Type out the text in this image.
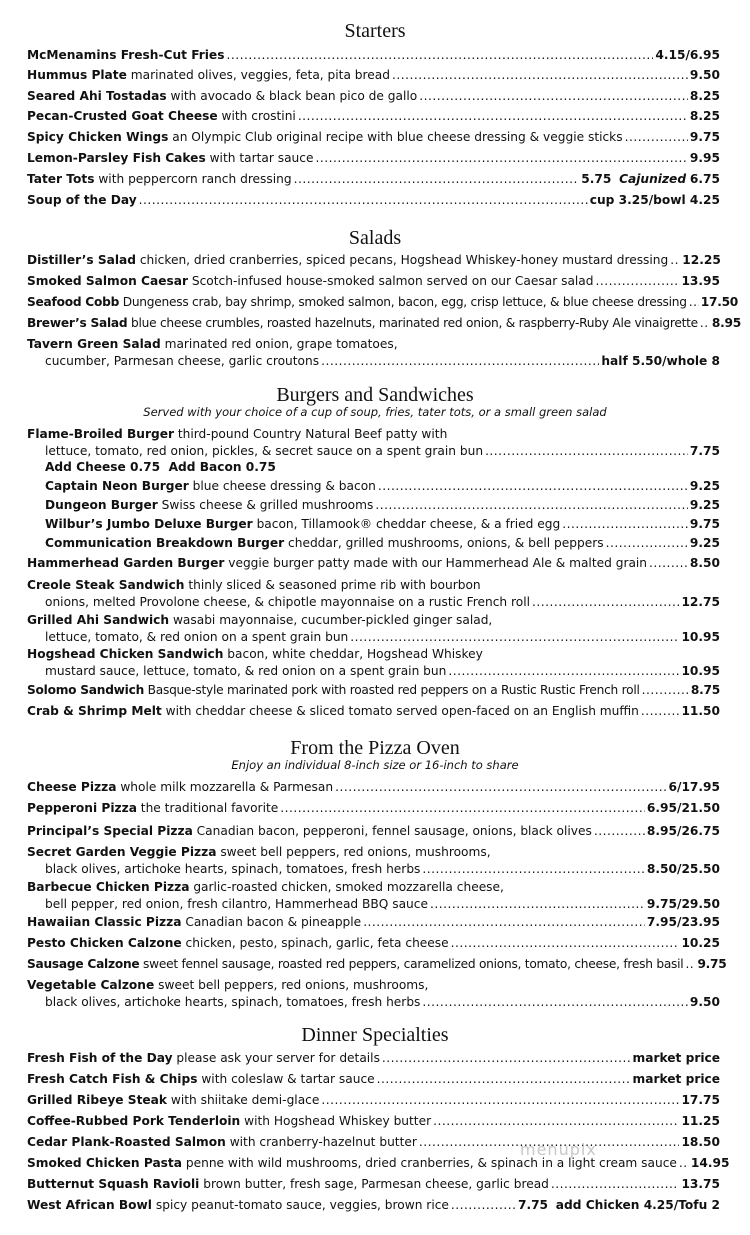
Starters
McMenamins Fresh-Cut Fries .....	4.15/6.95
Hummus Plate
marinated olives, veggies, feta, pita bread .....	9.50
Seared Ahi Tostadas
with avocado & black bean pico de gallo .....	8.25
Pecan-Crusted Goat Cheese
with crostini .....	8.25
Spicy Chicken Wings
an Olympic Club original recipe with blue cheese dressing & veggie sticks .....	9.75
Lemon-Parsley Fish Cakes
with tartar sauce .....	9.95
Tater Tots
with peppercorn ranch dressing .....	5.75
Cajunized
6.75
Soup of the Day .....	cup 3.25/bowl 4.25
Salads
Distiller’s Salad
chicken, dried cranberries, spiced pecans, Hogshead Whiskey-honey mustard dressing ..... 12.25
Smoked Salmon Caesar
Scotch-infused house-smoked salmon served on our Caesar salad .....	13.95
Seafood Cobb
Dungeness crab, bay shrimp, smoked salmon, bacon, egg, crisp lettuce, & blue cheese dressing ..... 17.50
Brewer’s Salad
blue cheese crumbles, roasted hazelnuts, marinated red onion, & raspberry-Ruby Ale vinaigrette ..... 8.95
Tavern Green Salad
marinated red onion, grape tomatoes,
cucumber, Parmesan cheese, garlic croutons .....	half 5.50/whole 8
Burgers and Sandwiches
Served with your choice of a cup of soup, fries, tater tots, or a small green salad
Flame-Broiled Burger
third-pound Country Natural Beef patty with
lettuce, tomato, red onion, pickles, & secret sauce on a spent grain bun .....	7.75
Add Cheese 0.75  Add Bacon 0.75
Captain Neon Burger
blue cheese dressing & bacon .....	9.25
Dungeon Burger
Swiss cheese & grilled mushrooms .....	9.25
Wilbur’s Jumbo Deluxe Burger
bacon, Tillamook® cheddar cheese, & a fried egg .....	9.75
Communication Breakdown Burger
cheddar, grilled mushrooms, onions, & bell peppers .....	9.25
Hammerhead Garden Burger
veggie burger patty made with our Hammerhead Ale & malted grain .....	8.50
Creole Steak Sandwich
thinly sliced & seasoned prime rib with bourbon
onions, melted Provolone cheese, & chipotle mayonnaise on a rustic French roll .....	12.75
Grilled Ahi Sandwich
wasabi mayonnaise, cucumber-pickled ginger salad,
lettuce, tomato, & red onion on a spent grain bun .....	10.95
Hogshead Chicken Sandwich
bacon, white cheddar, Hogshead Whiskey
mustard sauce, lettuce, tomato, & red onion on a spent grain bun .....	10.95
Solomo Sandwich
Basque-style marinated pork with roasted red peppers on a Rustic Rustic French roll .....	8.75
Crab & Shrimp Melt
with cheddar cheese & sliced tomato served open-faced on an English muffin .....	11.50
From the Pizza Oven
Enjoy an individual 8-inch size or 16-inch to share
Cheese Pizza
whole milk mozzarella & Parmesan .....	6/17.95
Pepperoni Pizza
the traditional favorite .....	6.95/21.50
Principal’s Special Pizza
Canadian bacon, pepperoni, fennel sausage, onions, black olives .....	8.95/26.75
Secret Garden Veggie Pizza
sweet bell peppers, red onions, mushrooms,
black olives, artichoke hearts, spinach, tomatoes, fresh herbs .....	8.50/25.50
Barbecue Chicken Pizza
garlic-roasted chicken, smoked mozzarella cheese,
bell pepper, red onion, fresh cilantro, Hammerhead BBQ sauce .....	9.75/29.50
Hawaiian Classic Pizza
Canadian bacon & pineapple .....	7.95/23.95
Pesto Chicken Calzone
chicken, pesto, spinach, garlic, feta cheese .....	10.25
Sausage Calzone
sweet fennel sausage, roasted red peppers, caramelized onions, tomato, cheese, fresh basil ..... 9.75
Vegetable Calzone
sweet bell peppers, red onions, mushrooms,
black olives, artichoke hearts, spinach, tomatoes, fresh herbs .....	9.50
Dinner Specialties
Fresh Fish of the Day
please ask your server for details .....	market price
Fresh Catch Fish & Chips
with coleslaw & tartar sauce .....	market price
Grilled Ribeye Steak
with shiitake demi-glace .....	17.75
Coffee-Rubbed Pork Tenderloin
with Hogshead Whiskey butter .....	11.25
Cedar Plank-Roasted Salmon
with cranberry-hazelnut butter .....	18.50
Smoked Chicken Pasta
penne with wild mushrooms, dried cranberries, & spinach in a light cream sauce ..... 14.95
Butternut Squash Ravioli
brown butter, fresh sage, Parmesan cheese, garlic bread .....	13.75
West African Bowl
spicy peanut-tomato sauce, veggies, brown rice .....	7.75
add Chicken 4.25/Tofu 2
menupix
